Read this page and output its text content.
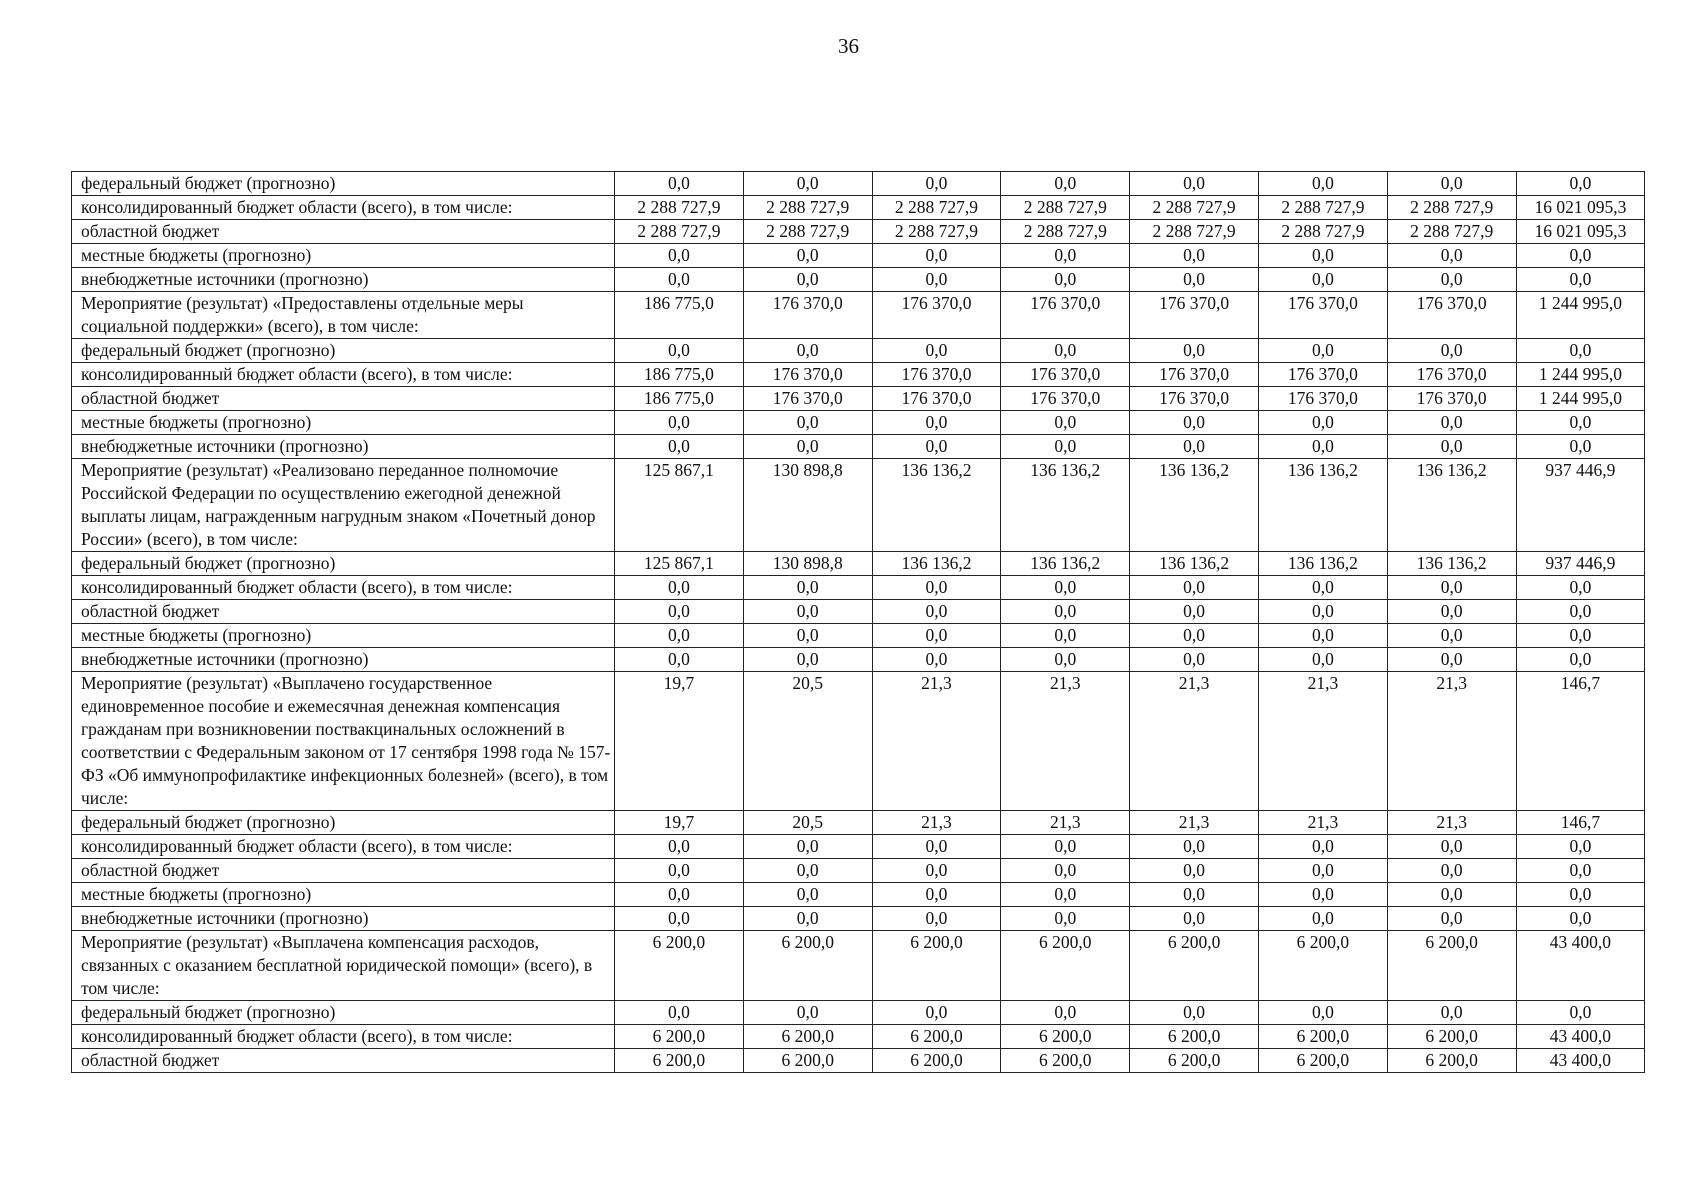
36
федеральный бюджет (прогнозно)	0,0	0,0	0,0	0,0	0,0	0,0	0,0	0,0
консолидированный бюджет области (всего), в том числе:	2 288 727,9	2 288 727,9	2 288 727,9	2 288 727,9	2 288 727,9	2 288 727,9	2 288 727,9	16 021 095,3
областной бюджет	2 288 727,9	2 288 727,9	2 288 727,9	2 288 727,9	2 288 727,9	2 288 727,9	2 288 727,9	16 021 095,3
местные бюджеты (прогнозно)	0,0	0,0	0,0	0,0	0,0	0,0	0,0	0,0
внебюджетные источники (прогнозно)	0,0	0,0	0,0	0,0	0,0	0,0	0,0	0,0
Мероприятие (результат) «Предоставлены отдельные меры социальной поддержки» (всего), в том числе:	186 775,0	176 370,0	176 370,0	176 370,0	176 370,0	176 370,0	176 370,0	1 244 995,0
федеральный бюджет (прогнозно)	0,0	0,0	0,0	0,0	0,0	0,0	0,0	0,0
консолидированный бюджет области (всего), в том числе:	186 775,0	176 370,0	176 370,0	176 370,0	176 370,0	176 370,0	176 370,0	1 244 995,0
областной бюджет	186 775,0	176 370,0	176 370,0	176 370,0	176 370,0	176 370,0	176 370,0	1 244 995,0
местные бюджеты (прогнозно)	0,0	0,0	0,0	0,0	0,0	0,0	0,0	0,0
внебюджетные источники (прогнозно)	0,0	0,0	0,0	0,0	0,0	0,0	0,0	0,0
Мероприятие (результат) «Реализовано переданное полномочие Российской Федерации по осуществлению ежегодной денежной выплаты лицам, награжденным нагрудным знаком «Почетный донор России» (всего), в том числе:	125 867,1	130 898,8	136 136,2	136 136,2	136 136,2	136 136,2	136 136,2	937 446,9
федеральный бюджет (прогнозно)	125 867,1	130 898,8	136 136,2	136 136,2	136 136,2	136 136,2	136 136,2	937 446,9
консолидированный бюджет области (всего), в том числе:	0,0	0,0	0,0	0,0	0,0	0,0	0,0	0,0
областной бюджет	0,0	0,0	0,0	0,0	0,0	0,0	0,0	0,0
местные бюджеты (прогнозно)	0,0	0,0	0,0	0,0	0,0	0,0	0,0	0,0
внебюджетные источники (прогнозно)	0,0	0,0	0,0	0,0	0,0	0,0	0,0	0,0
Мероприятие (результат) «Выплачено государственное единовременное пособие и ежемесячная денежная компенсация гражданам при возникновении поствакцинальных осложнений в соответствии с Федеральным законом от 17 сентября 1998 года № 157-ФЗ «Об иммунопрофилактике инфекционных болезней» (всего), в том числе:	19,7	20,5	21,3	21,3	21,3	21,3	21,3	146,7
федеральный бюджет (прогнозно)	19,7	20,5	21,3	21,3	21,3	21,3	21,3	146,7
консолидированный бюджет области (всего), в том числе:	0,0	0,0	0,0	0,0	0,0	0,0	0,0	0,0
областной бюджет	0,0	0,0	0,0	0,0	0,0	0,0	0,0	0,0
местные бюджеты (прогнозно)	0,0	0,0	0,0	0,0	0,0	0,0	0,0	0,0
внебюджетные источники (прогнозно)	0,0	0,0	0,0	0,0	0,0	0,0	0,0	0,0
Мероприятие (результат) «Выплачена компенсация расходов, связанных с оказанием бесплатной юридической помощи» (всего), в том числе:	6 200,0	6 200,0	6 200,0	6 200,0	6 200,0	6 200,0	6 200,0	43 400,0
федеральный бюджет (прогнозно)	0,0	0,0	0,0	0,0	0,0	0,0	0,0	0,0
консолидированный бюджет области (всего), в том числе:	6 200,0	6 200,0	6 200,0	6 200,0	6 200,0	6 200,0	6 200,0	43 400,0
областной бюджет	6 200,0	6 200,0	6 200,0	6 200,0	6 200,0	6 200,0	6 200,0	43 400,0
